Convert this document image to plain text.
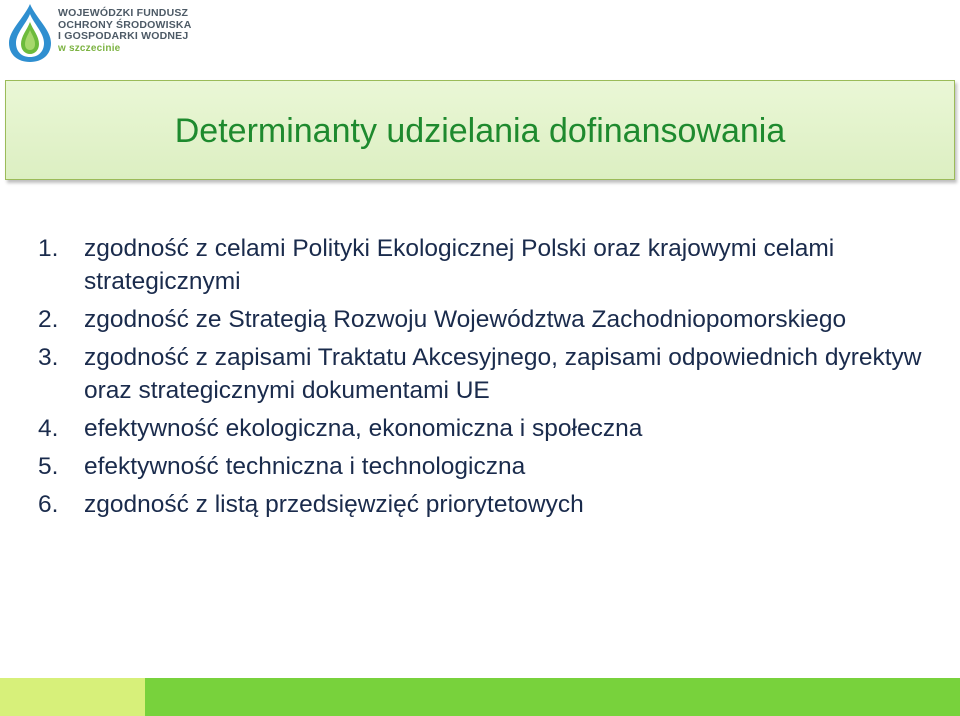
WOJEWÓDZKI FUNDUSZ
OCHRONY ŚRODOWISKA
I GOSPODARKI WODNEJ
w szczecinie
Determinanty udzielania dofinansowania
1.	zgodność z celami Polityki Ekologicznej Polski oraz krajowymi celami strategicznymi
2.	zgodność ze Strategią Rozwoju Województwa Zachodniopomorskiego
3.	zgodność z zapisami Traktatu Akcesyjnego, zapisami odpowiednich dyrektyw oraz strategicznymi dokumentami UE
4.	efektywność ekologiczna, ekonomiczna i społeczna
5.	efektywność techniczna i technologiczna
6.	zgodność z listą przedsięwzięć priorytetowych
